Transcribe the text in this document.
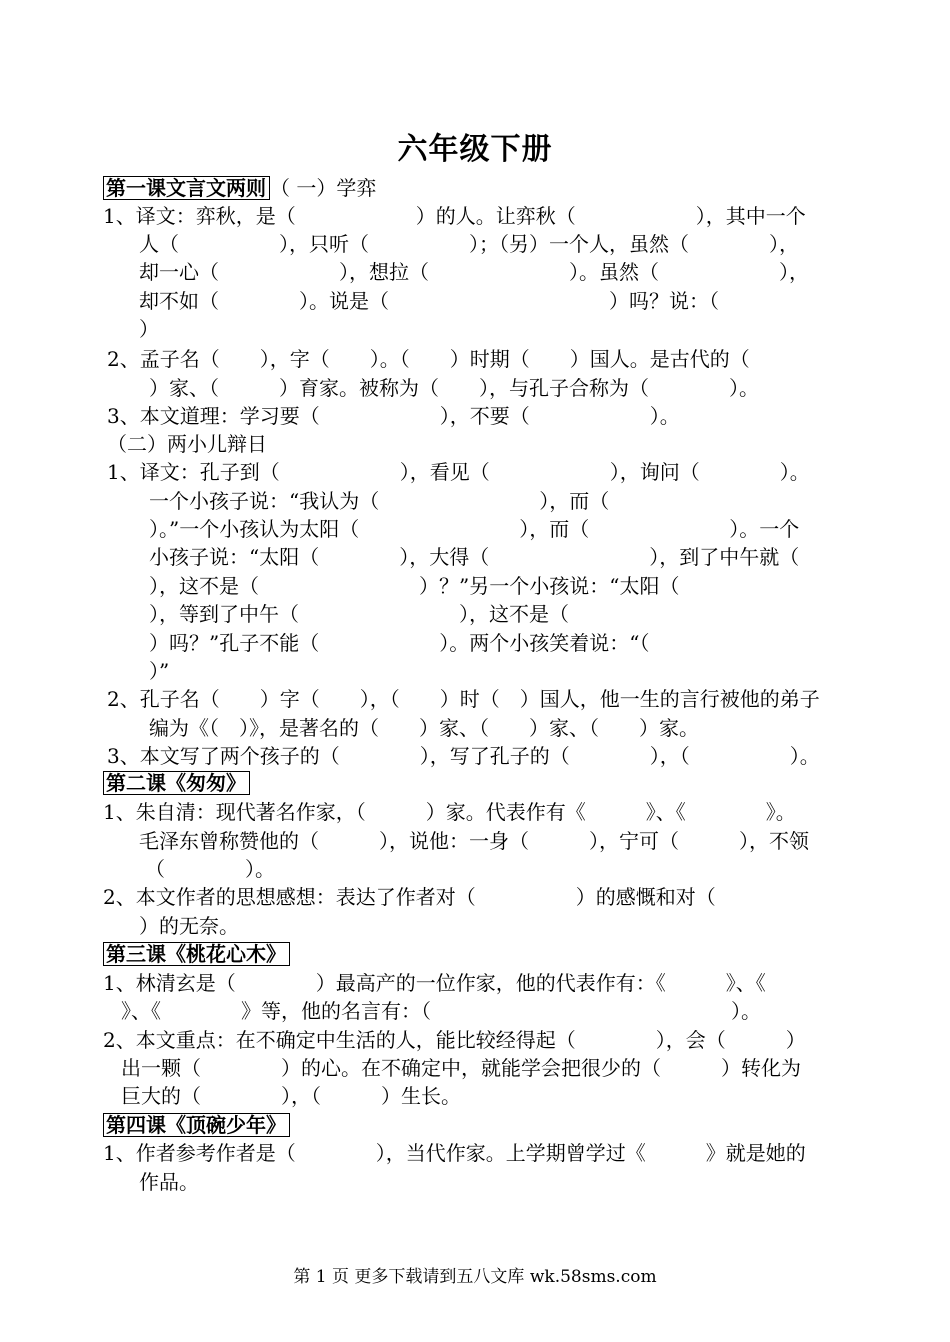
六年级下册
第一课文言文两则 （ 一）学弈
1、译文：弈秋，是（　　　　　　）的人。让弈秋（　　　　　　），其中一个
人（　　　　　），只听（　　　　　）；（另）一个人，虽然（　　　　），
却一心（　　　　　　），想拉（　　　　　　　）。虽然（　　　　　　），
却不如（　　　　）。说是（　　　　　　　　　　　）吗？说：（
）
2、孟子名（　　），字（　　）。（　　）时期（　　）国人。是古代的（
）家、（　　　）育家。被称为（　　），与孔子合称为（　　　　）。
3、本文道理：学习要（　　　　　　），不要（　　　　　　）。
（二）两小儿辩日
1、译文：孔子到（　　　　　　），看见（　　　　　　），询问（　　　　）。
一个小孩子说：“我认为（　　　　　　　　），而（
）。”一个小孩认为太阳（　　　　　　　　），而（　　　　　　　）。一个
小孩子说：“太阳（　　　　），大得（　　　　　　　　），到了中午就（
），这不是（　　　　　　　　）？”另一个小孩说：“太阳（
），等到了中午（　　　　　　　　），这不是（
）吗？”孔子不能（　　　　　　）。两个小孩笑着说：“（
）”
2、孔子名（　　）字（　　），（　　）时（　）国人，他一生的言行被他的弟子
编为《（　）》，是著名的（　　）家、（　　）家、（　　）家。
3、本文写了两个孩子的（　　　　），写了孔子的（　　　　），（　　　　　）。
第二课《匆匆》
1、朱自清：现代著名作家，（　　　）家。代表作有《　　　》、《　　　　》。
毛泽东曾称赞他的（　　　），说他：一身（　　　），宁可（　　　），不领
（　　　　）。
2、本文作者的思想感想：表达了作者对（　　　　　）的感慨和对（
）的无奈。
第三课《桃花心木》
1、林清玄是（　　　　）最高产的一位作家，他的代表作有：《　　　》、《
》、《　　　　》等，他的名言有：（　　　　　　　　　　　　　　　）。
2、本文重点：在不确定中生活的人，能比较经得起（　　　　），会（　　　）
出一颗（　　　　）的心。在不确定中，就能学会把很少的（　　　）转化为
巨大的（　　　　），（　　　）生长。
第四课《顶碗少年》
1、作者参考作者是（　　　　），当代作家。上学期曾学过《　　　》就是她的
作品。
第 1 页 更多下载请到五八文库 wk.58sms.com
